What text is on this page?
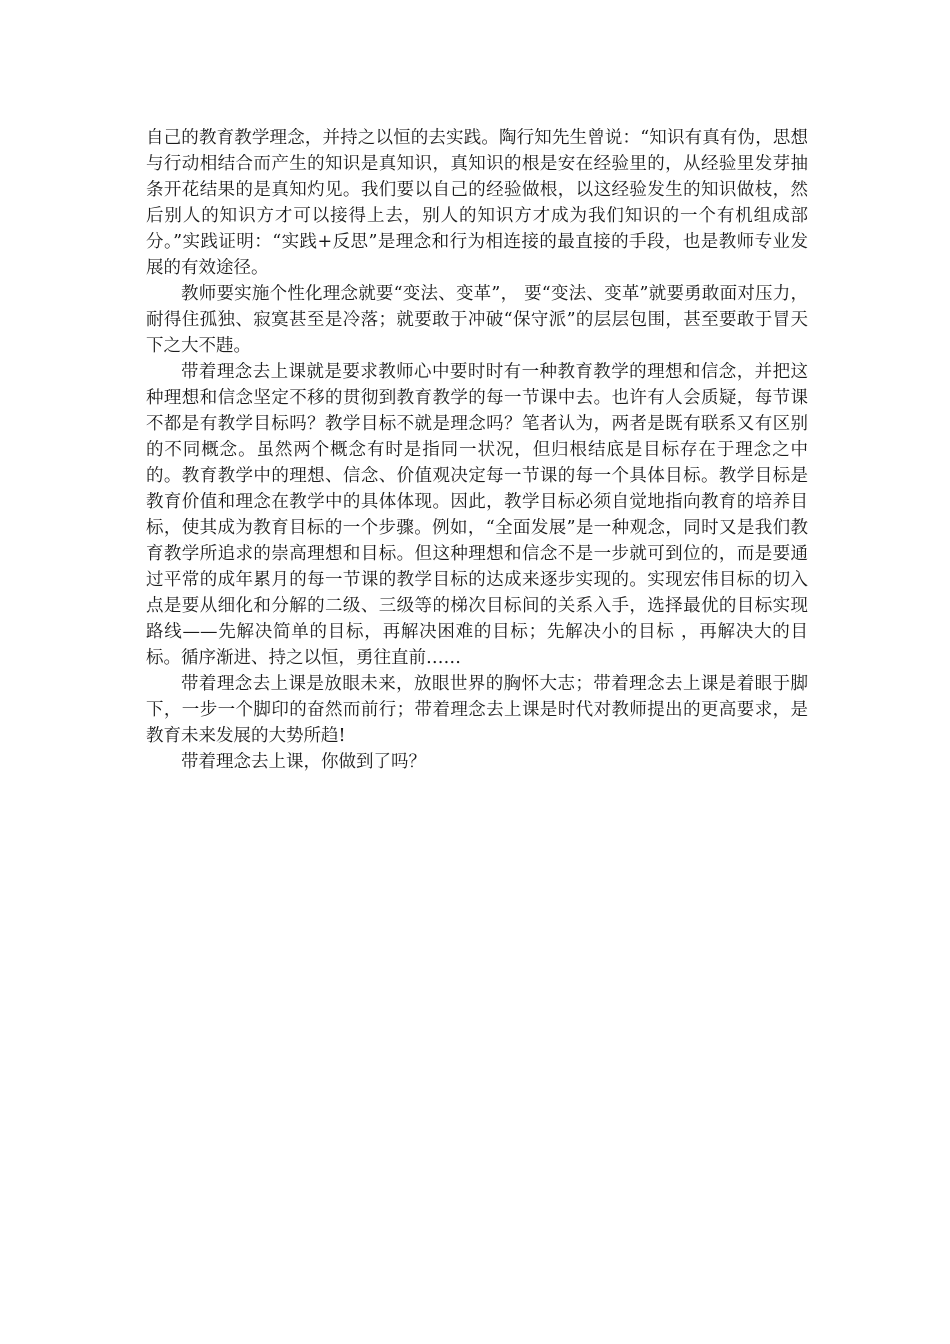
自己的教育教学理念，并持之以恒的去实践。陶行知先生曾说：“知识有真有伪，思想与行动相结合而产生的知识是真知识，真知识的根是安在经验里的，从经验里发芽抽条开花结果的是真知灼见。我们要以自己的经验做根，以这经验发生的知识做枝，然后别人的知识方才可以接得上去，别人的知识方才成为我们知识的一个有机组成部分。”实践证明：“实践+反思”是理念和行为相连接的最直接的手段，也是教师专业发展的有效途径。

教师要实施个性化理念就要“变法、变革”， 要“变法、变革”就要勇敢面对压力，耐得住孤独、寂寞甚至是冷落；就要敢于冲破“保守派”的层层包围，甚至要敢于冒天下之大不韪。

带着理念去上课就是要求教师心中要时时有一种教育教学的理想和信念，并把这种理想和信念坚定不移的贯彻到教育教学的每一节课中去。也许有人会质疑，每节课不都是有教学目标吗？教学目标不就是理念吗？笔者认为，两者是既有联系又有区别的不同概念。虽然两个概念有时是指同一状况，但归根结底是目标存在于理念之中的。教育教学中的理想、信念、价值观决定每一节课的每一个具体目标。教学目标是教育价值和理念在教学中的具体体现。因此，教学目标必须自觉地指向教育的培养目标，使其成为教育目标的一个步骤。例如，“全面发展”是一种观念，同时又是我们教育教学所追求的崇高理想和目标。但这种理想和信念不是一步就可到位的，而是要通过平常的成年累月的每一节课的教学目标的达成来逐步实现的。实现宏伟目标的切入点是要从细化和分解的二级、三级等的梯次目标间的关系入手，选择最优的目标实现路线——先解决简单的目标，再解决困难的目标；先解决小的目标 ，再解决大的目标。循序渐进、持之以恒，勇往直前……

带着理念去上课是放眼未来，放眼世界的胸怀大志；带着理念去上课是着眼于脚下，一步一个脚印的奋然而前行；带着理念去上课是时代对教师提出的更高要求，是教育未来发展的大势所趋!

带着理念去上课，你做到了吗？
